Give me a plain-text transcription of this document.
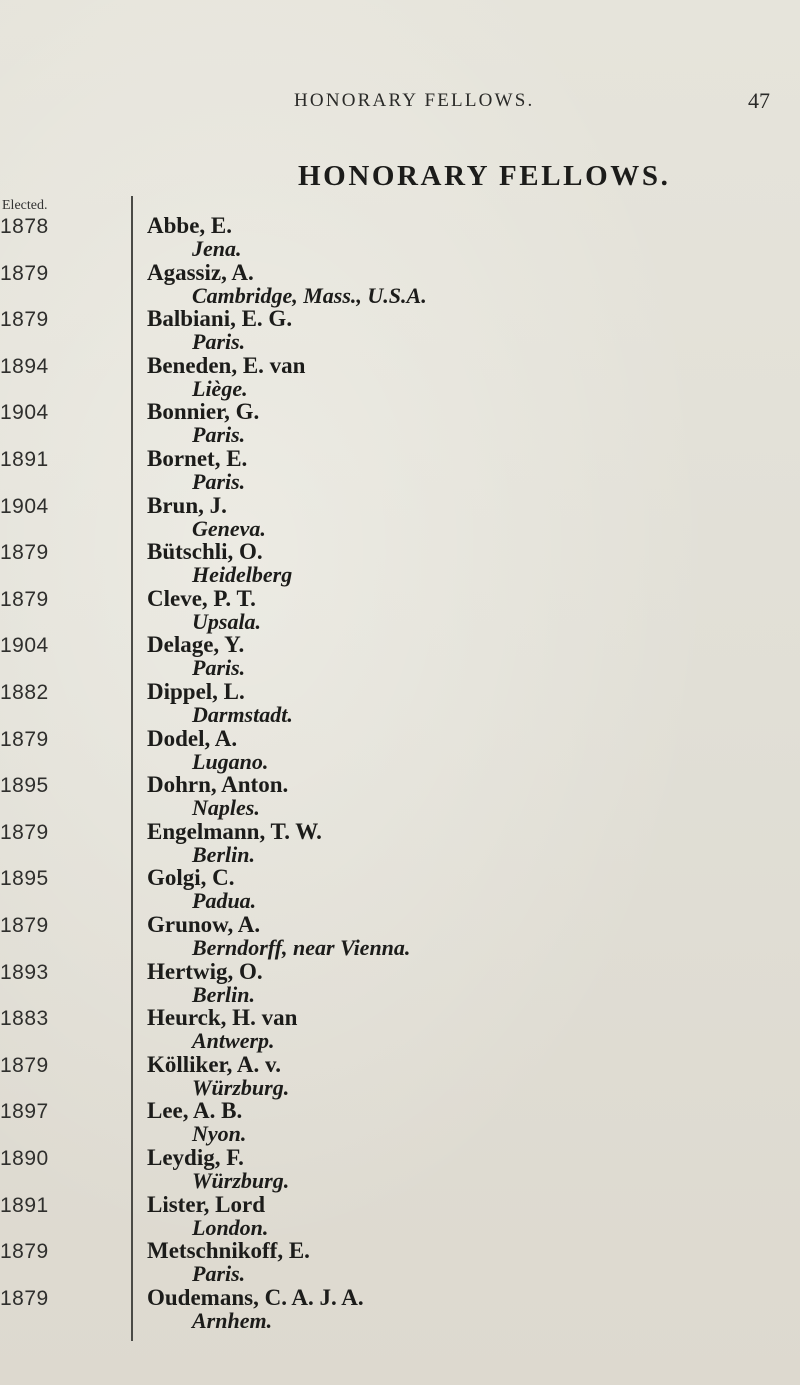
HONORARY FELLOWS.	47
HONORARY FELLOWS.
Elected.
1878	Abbe, E.
Jena.
1879	Agassiz, A.
Cambridge, Mass., U.S.A.
1879	Balbiani, E. G.
Paris.
1894	Beneden, E. van
Liège.
1904	Bonnier, G.
Paris.
1891	Bornet, E.
Paris.
1904	Brun, J.
Geneva.
1879	Bütschli, O.
Heidelberg
1879	Cleve, P. T.
Upsala.
1904	Delage, Y.
Paris.
1882	Dippel, L.
Darmstadt.
1879	Dodel, A.
Lugano.
1895	Dohrn, Anton.
Naples.
1879	Engelmann, T. W.
Berlin.
1895	Golgi, C.
Padua.
1879	Grunow, A.
Berndorff, near Vienna.
1893	Hertwig, O.
Berlin.
1883	Heurck, H. van
Antwerp.
1879	Kölliker, A. v.
Würzburg.
1897	Lee, A. B.
Nyon.
1890	Leydig, F.
Würzburg.
1891	Lister, Lord
London.
1879	Metschnikoff, E.
Paris.
1879	Oudemans, C. A. J. A.
Arnhem.
